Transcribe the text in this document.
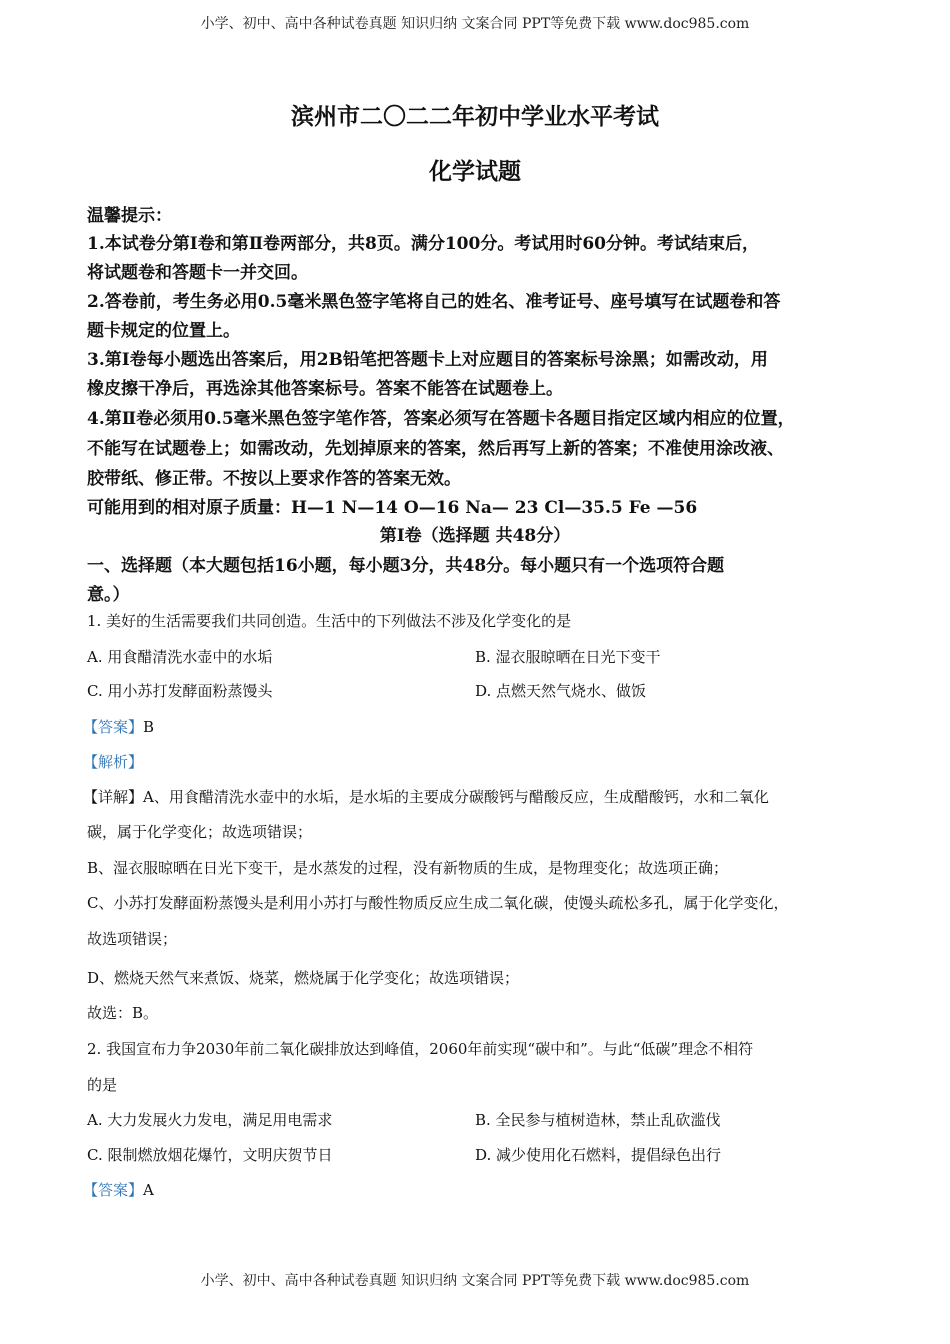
小学、初中、高中各种试卷真题 知识归纳 文案合同 PPT等免费下载 www.doc985.com
滨州市二〇二二年初中学业水平考试
化学试题
温馨提示：
1.本试卷分第Ⅰ卷和第Ⅱ卷两部分，共8页。满分100分。考试用时60分钟。考试结束后，
将试题卷和答题卡一并交回。
2.答卷前，考生务必用0.5毫米黑色签字笔将自己的姓名、准考证号、座号填写在试题卷和答
题卡规定的位置上。
3.第Ⅰ卷每小题选出答案后，用2B铅笔把答题卡上对应题目的答案标号涂黑；如需改动，用
橡皮擦干净后，再选涂其他答案标号。答案不能答在试题卷上。
4.第Ⅱ卷必须用0.5毫米黑色签字笔作答，答案必须写在答题卡各题目指定区域内相应的位置，
不能写在试题卷上；如需改动，先划掉原来的答案，然后再写上新的答案；不准使用涂改液、
胶带纸、修正带。不按以上要求作答的答案无效。
可能用到的相对原子质量：H—1 N—14 O—16 Na— 23 Cl—35.5 Fe —56
第Ⅰ卷（选择题 共48分）
一、选择题（本大题包括16小题，每小题3分，共48分。每小题只有一个选项符合题
意。）
1. 美好的生活需要我们共同创造。生活中的下列做法不涉及化学变化的是
A. 用食醋清洗水壶中的水垢	B. 湿衣服晾晒在日光下变干
C. 用小苏打发酵面粉蒸馒头	D. 点燃天然气烧水、做饭
【答案】B
【解析】
【详解】A、用食醋清洗水壶中的水垢，是水垢的主要成分碳酸钙与醋酸反应，生成醋酸钙，水和二氧化
碳，属于化学变化；故选项错误；
B、湿衣服晾晒在日光下变干，是水蒸发的过程，没有新物质的生成，是物理变化；故选项正确；
C、小苏打发酵面粉蒸馒头是利用小苏打与酸性物质反应生成二氧化碳，使馒头疏松多孔，属于化学变化，
故选项错误；
D、燃烧天然气来煮饭、烧菜，燃烧属于化学变化；故选项错误；
故选：B。
2. 我国宣布力争2030年前二氧化碳排放达到峰值，2060年前实现“碳中和”。与此“低碳”理念不相符
的是
A. 大力发展火力发电，满足用电需求	B. 全民参与植树造林，禁止乱砍滥伐
C. 限制燃放烟花爆竹，文明庆贺节日	D. 减少使用化石燃料，提倡绿色出行
【答案】A
小学、初中、高中各种试卷真题 知识归纳 文案合同 PPT等免费下载 www.doc985.com
